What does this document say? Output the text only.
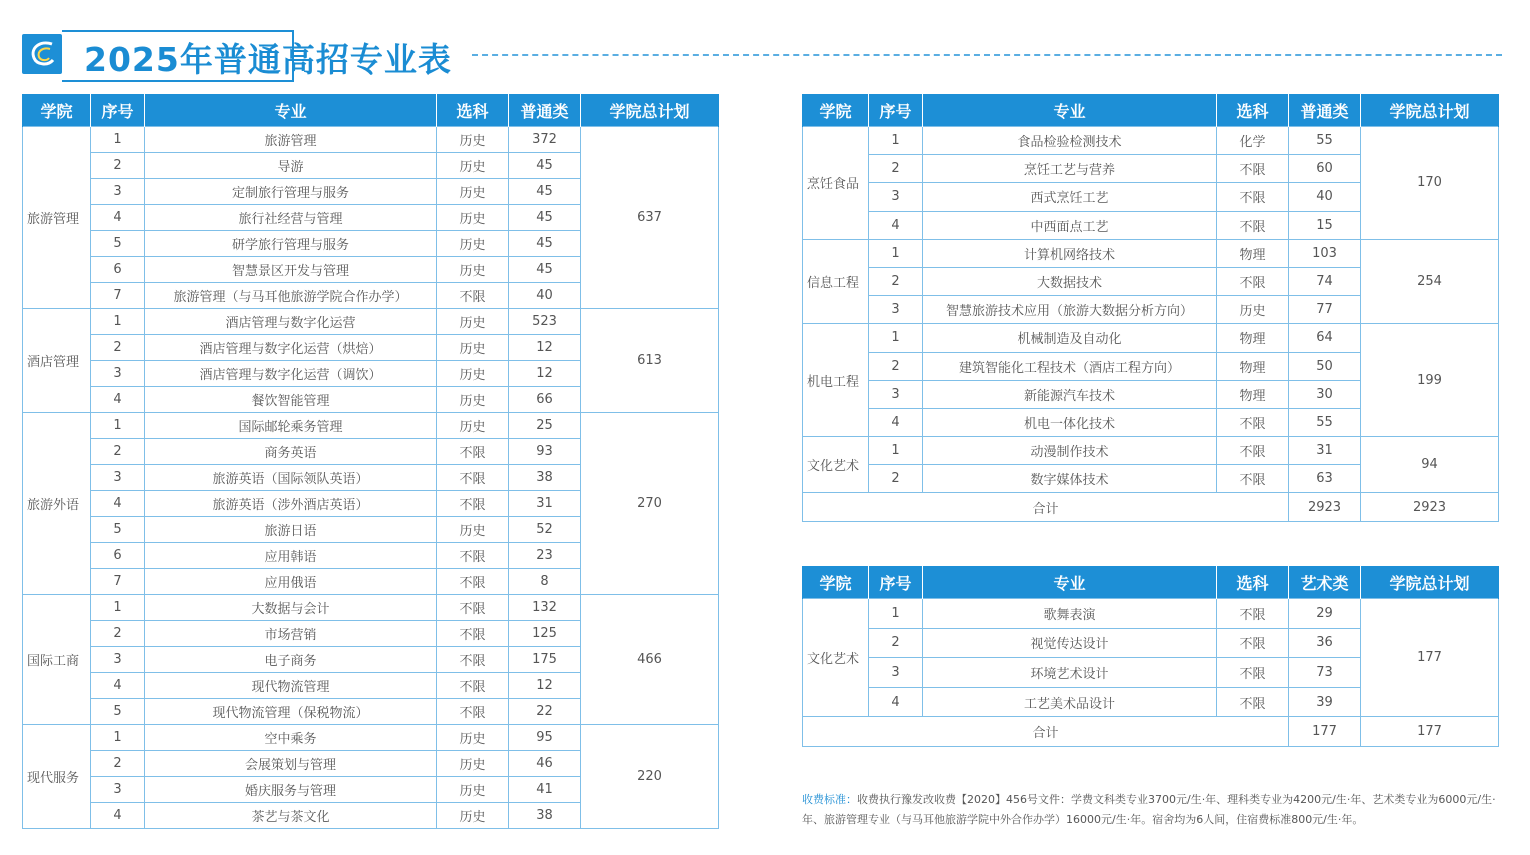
2025年普通高招专业表
学院	序号	专业	选科	普通类	学院总计划
旅游管理	1	旅游管理	历史	372	637
	2	导游	历史	45	
	3	定制旅行管理与服务	历史	45	
	4	旅行社经营与管理	历史	45	
	5	研学旅行管理与服务	历史	45	
	6	智慧景区开发与管理	历史	45	
	7	旅游管理（与马耳他旅游学院合作办学）	不限	40	
酒店管理	1	酒店管理与数字化运营	历史	523	613
	2	酒店管理与数字化运营（烘焙）	历史	12	
	3	酒店管理与数字化运营（调饮）	历史	12	
	4	餐饮智能管理	历史	66	
旅游外语	1	国际邮轮乘务管理	历史	25	270
	2	商务英语	不限	93	
	3	旅游英语（国际领队英语）	不限	38	
	4	旅游英语（涉外酒店英语）	不限	31	
	5	旅游日语	历史	52	
	6	应用韩语	不限	23	
	7	应用俄语	不限	8	
国际工商	1	大数据与会计	不限	132	466
	2	市场营销	不限	125	
	3	电子商务	不限	175	
	4	现代物流管理	不限	12	
	5	现代物流管理（保税物流）	不限	22	
现代服务	1	空中乘务	历史	95	220
	2	会展策划与管理	历史	46	
	3	婚庆服务与管理	历史	41	
	4	茶艺与茶文化	历史	38	
学院	序号	专业	选科	普通类	学院总计划
烹饪食品	1	食品检验检测技术	化学	55	170
	2	烹饪工艺与营养	不限	60	
	3	西式烹饪工艺	不限	40	
	4	中西面点工艺	不限	15	
信息工程	1	计算机网络技术	物理	103	254
	2	大数据技术	不限	74	
	3	智慧旅游技术应用（旅游大数据分析方向）	历史	77	
机电工程	1	机械制造及自动化	物理	64	199
	2	建筑智能化工程技术（酒店工程方向）	物理	50	
	3	新能源汽车技术	物理	30	
	4	机电一体化技术	不限	55	
文化艺术	1	动漫制作技术	不限	31	94
	2	数字媒体技术	不限	63	
合计				2923	2923
学院	序号	专业	选科	艺术类	学院总计划
文化艺术	1	歌舞表演	不限	29	177
	2	视觉传达设计	不限	36	
	3	环境艺术设计	不限	73	
	4	工艺美术品设计	不限	39	
合计				177	177
收费标准：收费执行豫发改收费【2020】456号文件：学费文科类专业3700元/生·年、理科类专业为4200元/生·年、艺术类专业为6000元/生·年、旅游管理专业（与马耳他旅游学院中外合作办学）16000元/生·年。宿舍均为6人间，住宿费标准800元/生·年。
